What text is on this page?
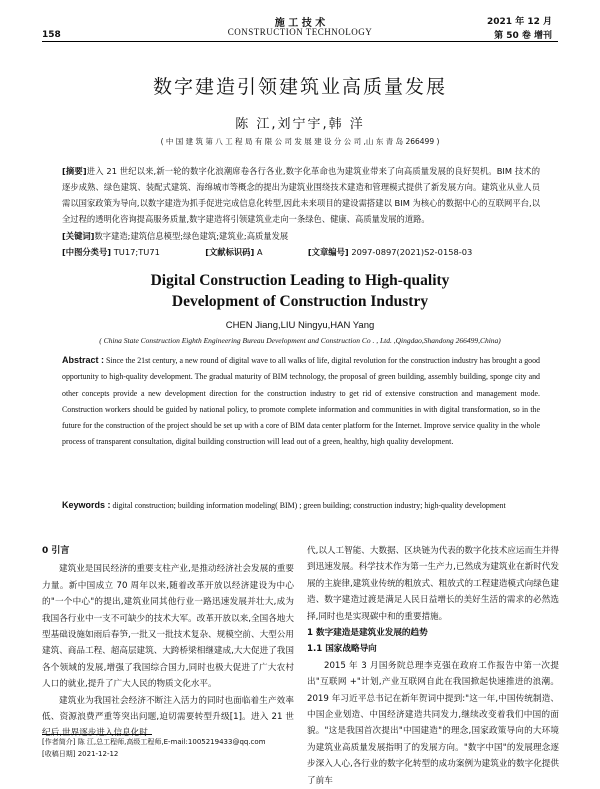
158
施 工 技 术
CONSTRUCTION TECHNOLOGY
2021 年 12 月
第 50 卷 增刊
数字建造引领建筑业高质量发展
陈 江,刘宁宇,韩 洋
( 中 国 建 筑 第 八 工 程 局 有 限 公 司 发 展 建 设 分 公 司 ,山 东 青 岛 266499 )
[摘要]进入 21 世纪以来,新一轮的数字化浪潮席卷各行各业,数字化革命也为建筑业带来了向高质量发展的良好契机。BIM 技术的逐步成熟、绿色建筑、装配式建筑、海绵城市等概念的提出为建筑业围绕技术建造和管理模式提供了新发展方向。建筑业从业人员需以国家政策为导向,以数字建造为抓手促进完成信息化转型,因此未来项目的建设需搭建以 BIM 为核心的数据中心的互联网平台,以全过程的透明化咨询提高服务质量,数字建造将引领建筑业走向一条绿色、健康、高质量发展的道路。
[关键词]数字建造;建筑信息模型;绿色建筑;建筑业;高质量发展
[中图分类号] TU17;TU71	[文献标识码] A	[文章编号] 2097-0897(2021)S2-0158-03
Digital Construction Leading to High-quality Development of Construction Industry
CHEN Jiang,LIU Ningyu,HAN Yang
( China State Construction Eighth Engineering Bureau Development and Construction Co . , Ltd. ,Qingdao,Shandong 266499,China)
Abstract : Since the 21st century, a new round of digital wave to all walks of life, digital revolution for the construction industry has brought a good opportunity to high-quality development. The gradual maturity of BIM technology, the proposal of green building, assembly building, sponge city and other concepts provide a new development direction for the construction industry to get rid of extensive construction and management mode. Construction workers should be guided by national policy, to promote complete information and communities in with digital transformation, so in the future for the construction of the project should be set up with a core of BIM data center platform for the Internet. Improve service quality in the whole process of transparent consultation, digital building construction will lead out of a green, healthy, high quality development.
Keywords : digital construction; building information modeling( BIM) ; green building; construction industry; high-quality development
0 引言

建筑业是国民经济的重要支柱产业,是推动经济社会发展的重要力量。新中国成立 70 周年以来,随着改革开放以经济建设为中心的"一个中心"的提出,建筑业同其他行业一路迅速发展并壮大,成为我国各行业中一支不可缺少的技术大军。改革开放以来,全国各地大型基础设施如雨后春笋,一批又一批技术复杂、规模空前、大型公用建筑、商品工程、超高层建筑、大跨桥梁相继建成,大大促进了我国各个领域的发展,增强了我国综合国力,同时也极大促进了广大农村人口的就业,提升了广大人民的物质文化水平。

建筑业为我国社会经济不断注入活力的同时也面临着生产效率低、资源浪费严重等突出问题,迫切需要转型升级[1]。进入 21 世

[作者简介] 陈 江,总工程师,高级工程师,E-mail:1005219433@qq.com
[收稿日期] 2021-12-12

代,以人工智能、大数据、区块链为代表的数字化技术应运而生并得到迅速发展。科学技术作为第一生产力,已然成为建筑业在新时代发展的主旋律,建筑业传统的粗放式、粗放式的工程建造模式向绿色建造、数字建造过渡是满足人民日益增长的美好生活的需求的必然选择,同时也是实现碳中和的重要措施。

1 数字建造是建筑业发展的趋势
1.1 国家战略导向

2015 年 3 月国务院总理李克强在政府工作报告中第一次提出"互联网 +"计划,产业互联网自此在我国掀起快速推进的浪潮。2019 年习近平总书记在新年贺词中提到:"这一年,中国传统制造、中国企业划造、中国经济建造共同发力,继续改变着我们中国的面貌。"这是我国首次提出"中国建造"的理念,国家政策导向的大环境为建筑业高质量发展指明了的发展方向。"数字中国"的发展理念逐步深入人心,各行业的数字化转型的成功案例为建筑业的数字化提供了前车
